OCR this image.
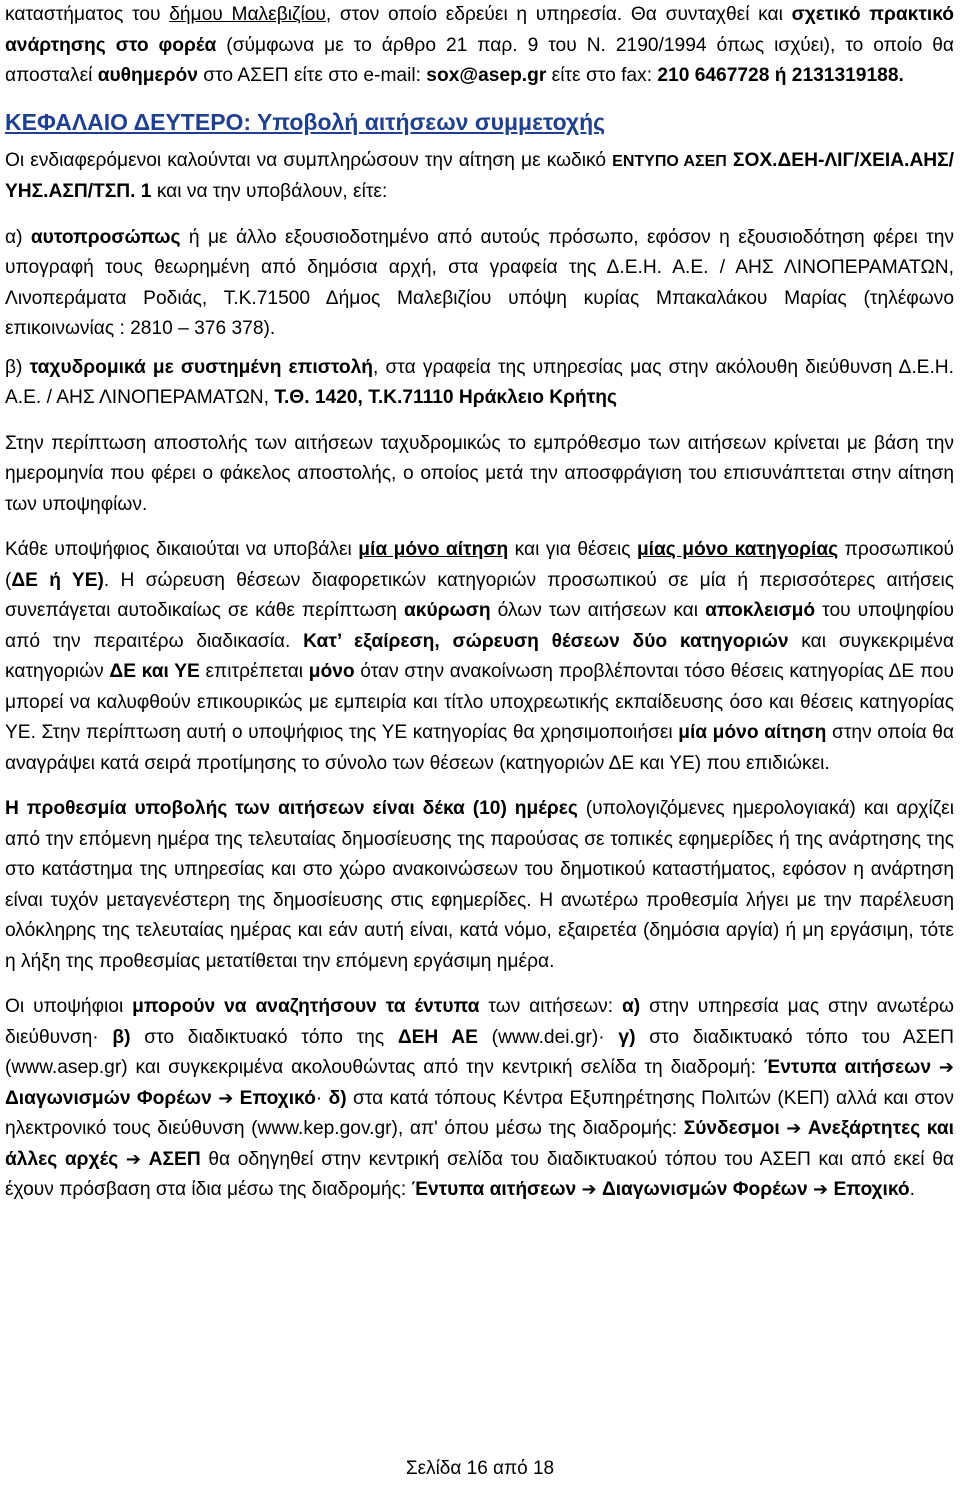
καταστήματος του δήμου Μαλεβιζίου, στον οποίο εδρεύει η υπηρεσία. Θα συνταχθεί και σχετικό πρακτικό ανάρτησης στο φορέα (σύμφωνα με το άρθρο 21 παρ. 9 του Ν. 2190/1994 όπως ισχύει), το οποίο θα αποσταλεί αυθημερόν στο ΑΣΕΠ είτε στο e-mail: sox@asep.gr είτε στο fax: 210 6467728 ή 2131319188.

ΚΕΦΑΛΑΙΟ ΔΕΥΤΕΡΟ: Υποβολή αιτήσεων συμμετοχής

Οι ενδιαφερόμενοι καλούνται να συμπληρώσουν την αίτηση με κωδικό ΕΝΤΥΠΟ ΑΣΕΠ ΣΟΧ.ΔΕΗ-ΛΙΓ/ΧΕΙΑ.ΑΗΣ/ΥΗΣ.ΑΣΠ/ΤΣΠ. 1 και να την υποβάλουν, είτε:

α) αυτοπροσώπως ή με άλλο εξουσιοδοτημένο από αυτούς πρόσωπο, εφόσον η εξουσιοδότηση φέρει την υπογραφή τους θεωρημένη από δημόσια αρχή, στα γραφεία της Δ.Ε.Η. Α.Ε. / ΑΗΣ ΛΙΝΟΠΕΡΑΜΑΤΩΝ, Λινοπεράματα Ροδιάς, Τ.Κ.71500 Δήμος Μαλεβιζίου υπόψη κυρίας Μπακαλάκου Μαρίας (τηλέφωνο επικοινωνίας : 2810 – 376 378).

β) ταχυδρομικά με συστημένη επιστολή, στα γραφεία της υπηρεσίας μας στην ακόλουθη διεύθυνση Δ.Ε.Η. Α.Ε. / ΑΗΣ ΛΙΝΟΠΕΡΑΜΑΤΩΝ, Τ.Θ. 1420, Τ.Κ.71110 Ηράκλειο Κρήτης

Στην περίπτωση αποστολής των αιτήσεων ταχυδρομικώς το εμπρόθεσμο των αιτήσεων κρίνεται με βάση την ημερομηνία που φέρει ο φάκελος αποστολής, ο οποίος μετά την αποσφράγιση του επισυνάπτεται στην αίτηση των υποψηφίων.

Κάθε υποψήφιος δικαιούται να υποβάλει μία μόνο αίτηση και για θέσεις μίας μόνο κατηγορίας προσωπικού (ΔΕ ή ΥΕ). Η σώρευση θέσεων διαφορετικών κατηγοριών προσωπικού σε μία ή περισσότερες αιτήσεις συνεπάγεται αυτοδικαίως σε κάθε περίπτωση ακύρωση όλων των αιτήσεων και αποκλεισμό του υποψηφίου από την περαιτέρω διαδικασία. Κατ’ εξαίρεση, σώρευση θέσεων δύο κατηγοριών και συγκεκριμένα κατηγοριών ΔΕ και ΥΕ επιτρέπεται μόνο όταν στην ανακοίνωση προβλέπονται τόσο θέσεις κατηγορίας ΔΕ που μπορεί να καλυφθούν επικουρικώς με εμπειρία και τίτλο υποχρεωτικής εκπαίδευσης όσο και θέσεις κατηγορίας ΥΕ. Στην περίπτωση αυτή ο υποψήφιος της ΥΕ κατηγορίας θα χρησιμοποιήσει μία μόνο αίτηση στην οποία θα αναγράψει κατά σειρά προτίμησης το σύνολο των θέσεων (κατηγοριών ΔΕ και ΥΕ) που επιδιώκει.

Η προθεσμία υποβολής των αιτήσεων είναι δέκα (10) ημέρες (υπολογιζόμενες ημερολογιακά) και αρχίζει από την επόμενη ημέρα της τελευταίας δημοσίευσης της παρούσας σε τοπικές εφημερίδες ή της ανάρτησης της στο κατάστημα της υπηρεσίας και στο χώρο ανακοινώσεων του δημοτικού καταστήματος, εφόσον η ανάρτηση είναι τυχόν μεταγενέστερη της δημοσίευσης στις εφημερίδες. Η ανωτέρω προθεσμία λήγει με την παρέλευση ολόκληρης της τελευταίας ημέρας και εάν αυτή είναι, κατά νόμο, εξαιρετέα (δημόσια αργία) ή μη εργάσιμη, τότε η λήξη της προθεσμίας μετατίθεται την επόμενη εργάσιμη ημέρα.

Οι υποψήφιοι μπορούν να αναζητήσουν τα έντυπα των αιτήσεων: α) στην υπηρεσία μας στην ανωτέρω διεύθυνση· β) στο διαδικτυακό τόπο της ΔΕΗ ΑΕ (www.dei.gr)· γ) στο διαδικτυακό τόπο του ΑΣΕΠ (www.asep.gr) και συγκεκριμένα ακολουθώντας από την κεντρική σελίδα τη διαδρομή: Έντυπα αιτήσεων ➔ Διαγωνισμών Φορέων ➔ Εποχικό· δ) στα κατά τόπους Κέντρα Εξυπηρέτησης Πολιτών (ΚΕΠ) αλλά και στον ηλεκτρονικό τους διεύθυνση (www.kep.gov.gr), απ' όπου μέσω της διαδρομής: Σύνδεσμοι ➔ Ανεξάρτητες και άλλες αρχές ➔ ΑΣΕΠ θα οδηγηθεί στην κεντρική σελίδα του διαδικτυακού τόπου του ΑΣΕΠ και από εκεί θα έχουν πρόσβαση στα ίδια μέσω της διαδρομής: Έντυπα αιτήσεων ➔ Διαγωνισμών Φορέων ➔ Εποχικό.

Σελίδα 16 από 18
